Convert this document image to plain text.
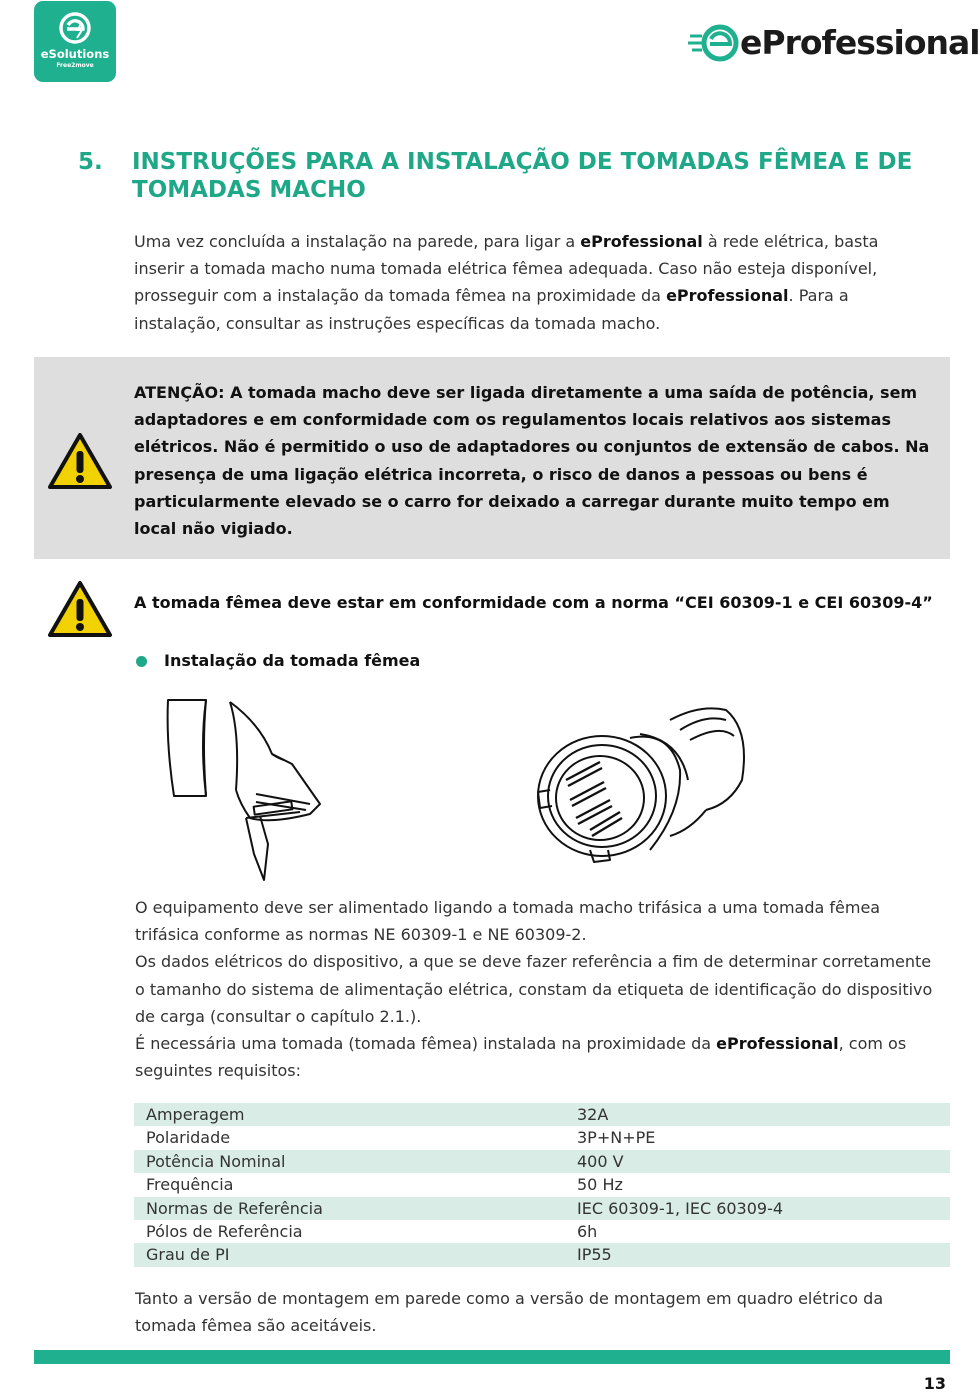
eSolutions
Free2move
eProfessional
5. INSTRUÇÕES PARA A INSTALAÇÃO DE TOMADAS FÊMEA E DE TOMADAS MACHO
Uma vez concluída a instalação na parede, para ligar a eProfessional à rede elétrica, basta inserir a tomada macho numa tomada elétrica fêmea adequada. Caso não esteja disponível, prosseguir com a instalação da tomada fêmea na proximidade da eProfessional. Para a instalação, consultar as instruções específicas da tomada macho.
ATENÇÃO: A tomada macho deve ser ligada diretamente a uma saída de potência, sem adaptadores e em conformidade com os regulamentos locais relativos aos sistemas elétricos. Não é permitido o uso de adaptadores ou conjuntos de extensão de cabos. Na presença de uma ligação elétrica incorreta, o risco de danos a pessoas ou bens é particularmente elevado se o carro for deixado a carregar durante muito tempo em local não vigiado.
A tomada fêmea deve estar em conformidade com a norma “CEI 60309-1 e CEI 60309-4”
Instalação da tomada fêmea
O equipamento deve ser alimentado ligando a tomada macho trifásica a uma tomada fêmea trifásica conforme as normas NE 60309-1 e NE 60309-2.
Os dados elétricos do dispositivo, a que se deve fazer referência a fim de determinar corretamente o tamanho do sistema de alimentação elétrica, constam da etiqueta de identificação do dispositivo de carga (consultar o capítulo 2.1.).
É necessária uma tomada (tomada fêmea) instalada na proximidade da eProfessional, com os seguintes requisitos:
Amperagem	32A
Polaridade	3P+N+PE
Potência Nominal	400 V
Frequência	50 Hz
Normas de Referência	IEC 60309-1, IEC 60309-4
Pólos de Referência	6h
Grau de PI	IP55
Tanto a versão de montagem em parede como a versão de montagem em quadro elétrico da tomada fêmea são aceitáveis.
13
